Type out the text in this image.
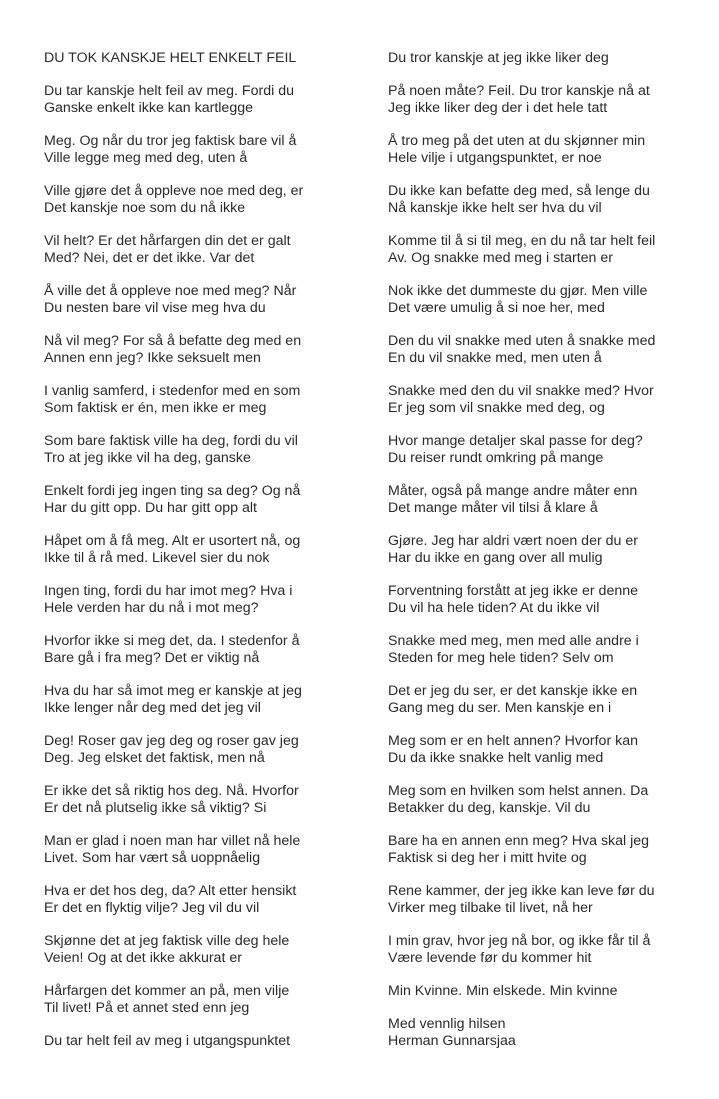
DU TOK KANSKJE HELT ENKELT FEIL

Du tar kanskje helt feil av meg. Fordi du

Ganske enkelt ikke kan kartlegge

Meg. Og når du tror jeg faktisk bare vil å

Ville legge meg med deg, uten å

Ville gjøre det å oppleve noe med deg, er

Det kanskje noe som du nå ikke

Vil helt? Er det hårfargen din det er galt

Med? Nei, det er det ikke. Var det

Å ville det å oppleve noe med meg? Når

Du nesten bare vil vise meg hva du

Nå vil meg? For så å befatte deg med en

Annen enn jeg? Ikke seksuelt men

I vanlig samferd, i stedenfor med en som

Som faktisk er én, men ikke er meg

Som bare faktisk ville ha deg, fordi du vil

Tro at jeg ikke vil ha deg, ganske

Enkelt fordi jeg ingen ting sa deg? Og nå

Har du gitt opp. Du har gitt opp alt

Håpet om å få meg. Alt er usortert nå, og

Ikke til å rå med. Likevel sier du nok

Ingen ting, fordi du har imot meg? Hva i

Hele verden har du nå i mot meg?

Hvorfor ikke si meg det, da. I stedenfor å

Bare gå i fra meg? Det er viktig nå

Hva du har så imot meg er kanskje at jeg

Ikke lenger når deg med det jeg vil

Deg! Roser gav jeg deg og roser gav jeg

Deg. Jeg elsket det faktisk, men nå

Er ikke det så riktig hos deg. Nå. Hvorfor

Er det nå plutselig ikke så viktig? Si

Man er glad i noen man har villet nå hele

Livet. Som har vært så uoppnåelig

Hva er det hos deg, da? Alt etter hensikt

Er det en flyktig vilje? Jeg vil du vil

Skjønne det at jeg faktisk ville deg hele

Veien! Og at det ikke akkurat er

Hårfargen det kommer an på, men vilje

Til livet! På et annet sted enn jeg

Du tar helt feil av meg i utgangspunktet

Du tror kanskje at jeg ikke liker deg

På noen måte? Feil. Du tror kanskje nå at

Jeg ikke liker deg der i det hele tatt

Å tro meg på det uten at du skjønner min

Hele vilje i utgangspunktet, er noe

Du ikke kan befatte deg med, så lenge du

Nå kanskje ikke helt ser hva du vil

Komme til å si til meg, en du nå tar helt feil

Av. Og snakke med meg i starten er

Nok ikke det dummeste du gjør. Men ville

Det være umulig å si noe her, med

Den du vil snakke med uten å snakke med

En du vil snakke med, men uten å

Snakke med den du vil snakke med? Hvor

Er jeg som vil snakke med deg, og

Hvor mange detaljer skal passe for deg?

Du reiser rundt omkring på mange

Måter, også på mange andre måter enn

Det mange måter vil tilsi å klare å

Gjøre. Jeg har aldri vært noen der du er

Har du ikke en gang over all mulig

Forventning forstått at jeg ikke er denne

Du vil ha hele tiden? At du ikke vil

Snakke med meg, men med alle andre i

Steden for meg hele tiden? Selv om

Det er jeg du ser, er det kanskje ikke en

Gang meg du ser. Men kanskje en i

Meg som er en helt annen? Hvorfor kan

Du da ikke snakke helt vanlig med

Meg som en hvilken som helst annen. Da

Betakker du deg, kanskje. Vil du

Bare ha en annen enn meg? Hva skal jeg

Faktisk si deg her i mitt hvite og

Rene kammer, der jeg ikke kan leve før du

Virker meg tilbake til livet, nå her

I min grav, hvor jeg nå bor, og ikke får til å

Være levende før du kommer hit

Min Kvinne. Min elskede. Min kvinne

Med vennlig hilsen

Herman Gunnarsjaa
